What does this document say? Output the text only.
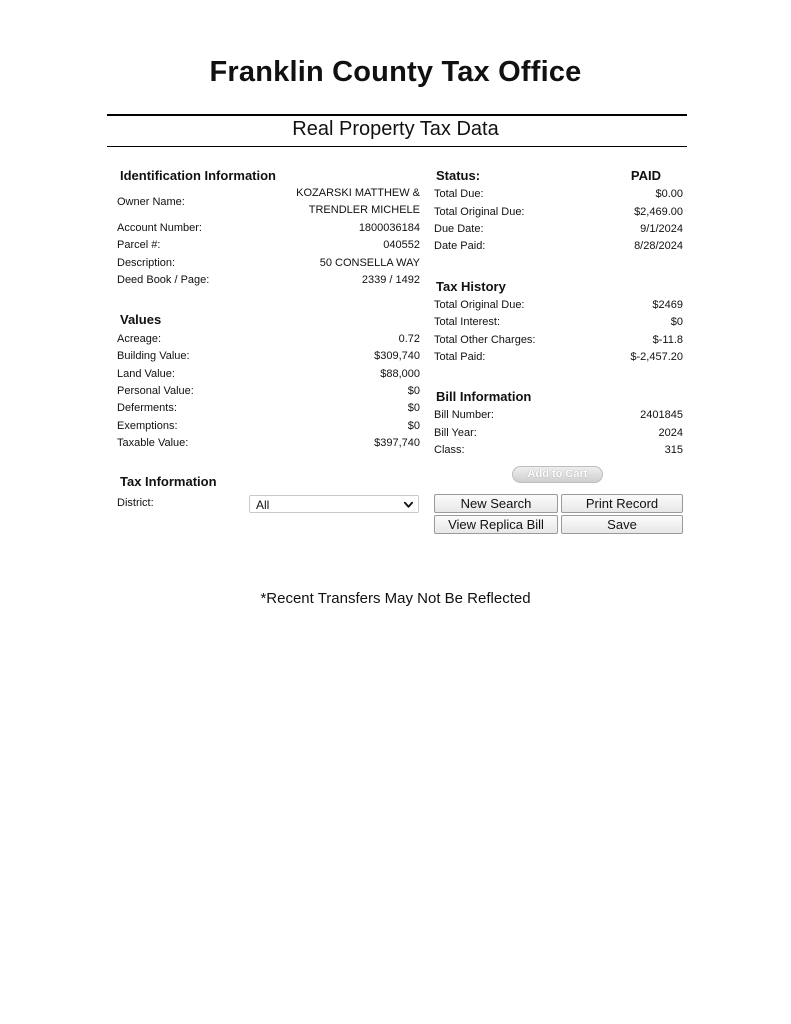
Franklin County Tax Office
Real Property Tax Data
Identification Information
Owner Name:
KOZARSKI MATTHEW &
TRENDLER MICHELE
Account Number:	1800036184
Parcel #:	040552
Description:	50 CONSELLA WAY
Deed Book / Page:	2339 / 1492
Values
Acreage:	0.72
Building Value:	$309,740
Land Value:	$88,000
Personal Value:	$0
Deferments:	$0
Exemptions:	$0
Taxable Value:	$397,740
Tax Information
District:	All
Status:	PAID
Total Due:	$0.00
Total Original Due:	$2,469.00
Due Date:	9/1/2024
Date Paid:	8/28/2024
Tax History
Total Original Due:	$2469
Total Interest:	$0
Total Other Charges:	$-11.8
Total Paid:	$-2,457.20
Bill Information
Bill Number:	2401845
Bill Year:	2024
Class:	315
Add to Cart
New Search	Print Record
View Replica Bill	Save
*Recent Transfers May Not Be Reflected
